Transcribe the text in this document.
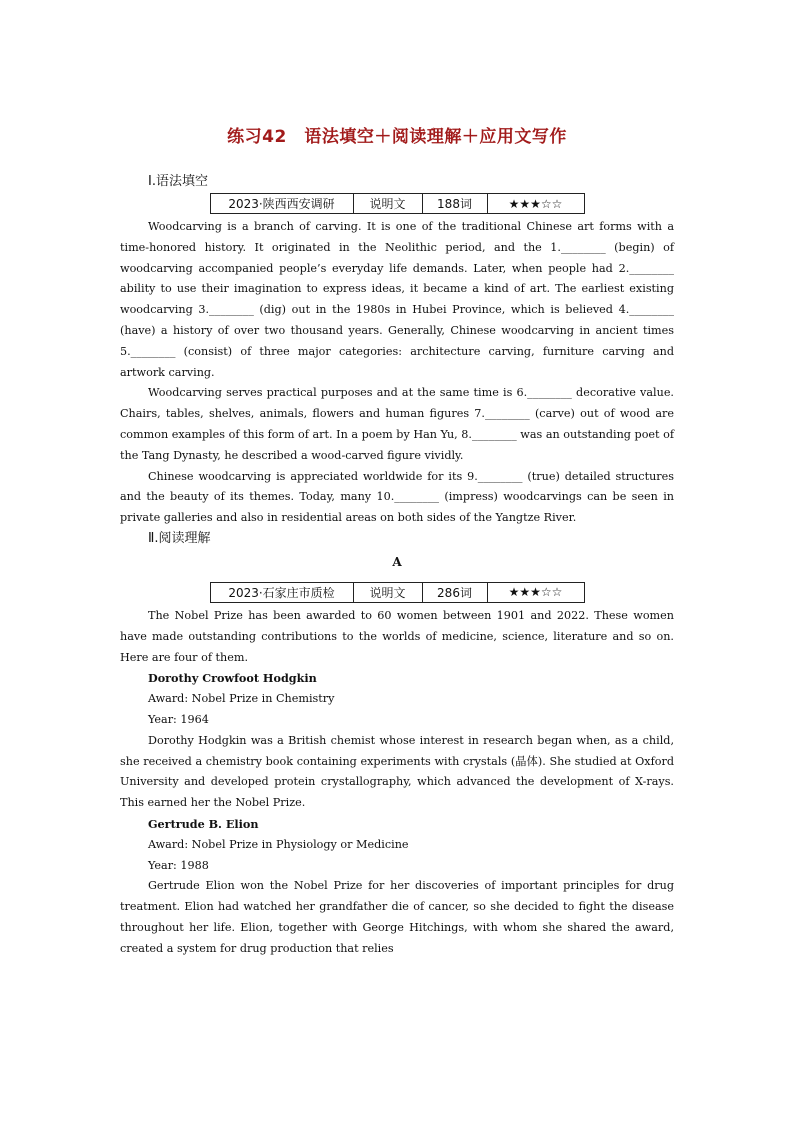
练习42　语法填空＋阅读理解＋应用文写作

Ⅰ.语法填空

2023·陕西西安调研	说明文	188词	★★★☆☆

Woodcarving is a branch of carving. It is one of the traditional Chinese art forms with a time-honored history. It originated in the Neolithic period, and the 1.________ (begin) of woodcarving accompanied people’s everyday life demands. Later, when people had 2.________ ability to use their imagination to express ideas, it became a kind of art. The earliest existing woodcarving 3.________ (dig) out in the 1980s in Hubei Province, which is believed 4.________ (have) a history of over two thousand years. Generally, Chinese woodcarving in ancient times 5.________ (consist) of three major categories: architecture carving, furniture carving and artwork carving.

Woodcarving serves practical purposes and at the same time is 6.________ decorative value. Chairs, tables, shelves, animals, flowers and human figures 7.________ (carve) out of wood are common examples of this form of art. In a poem by Han Yu, 8.________ was an outstanding poet of the Tang Dynasty, he described a wood-carved figure vividly.

Chinese woodcarving is appreciated worldwide for its 9.________ (true) detailed structures and the beauty of its themes. Today, many 10.________ (impress) woodcarvings can be seen in private galleries and also in residential areas on both sides of the Yangtze River.

Ⅱ.阅读理解

A
2023·石家庄市质检	说明文	286词	★★★☆☆

The Nobel Prize has been awarded to 60 women between 1901 and 2022. These women have made outstanding contributions to the worlds of medicine, science, literature and so on. Here are four of them.

Dorothy Crowfoot Hodgkin

Award: Nobel Prize in Chemistry

Year: 1964

Dorothy Hodgkin was a British chemist whose interest in research began when, as a child, she received a chemistry book containing experiments with crystals (晶体). She studied at Oxford University and developed protein crystallography, which advanced the development of X-rays. This earned her the Nobel Prize.

Gertrude B. Elion

Award: Nobel Prize in Physiology or Medicine

Year: 1988

Gertrude Elion won the Nobel Prize for her discoveries of important principles for drug treatment. Elion had watched her grandfather die of cancer, so she decided to fight the disease throughout her life. Elion, together with George Hitchings, with whom she shared the award, created a system for drug production that relies
